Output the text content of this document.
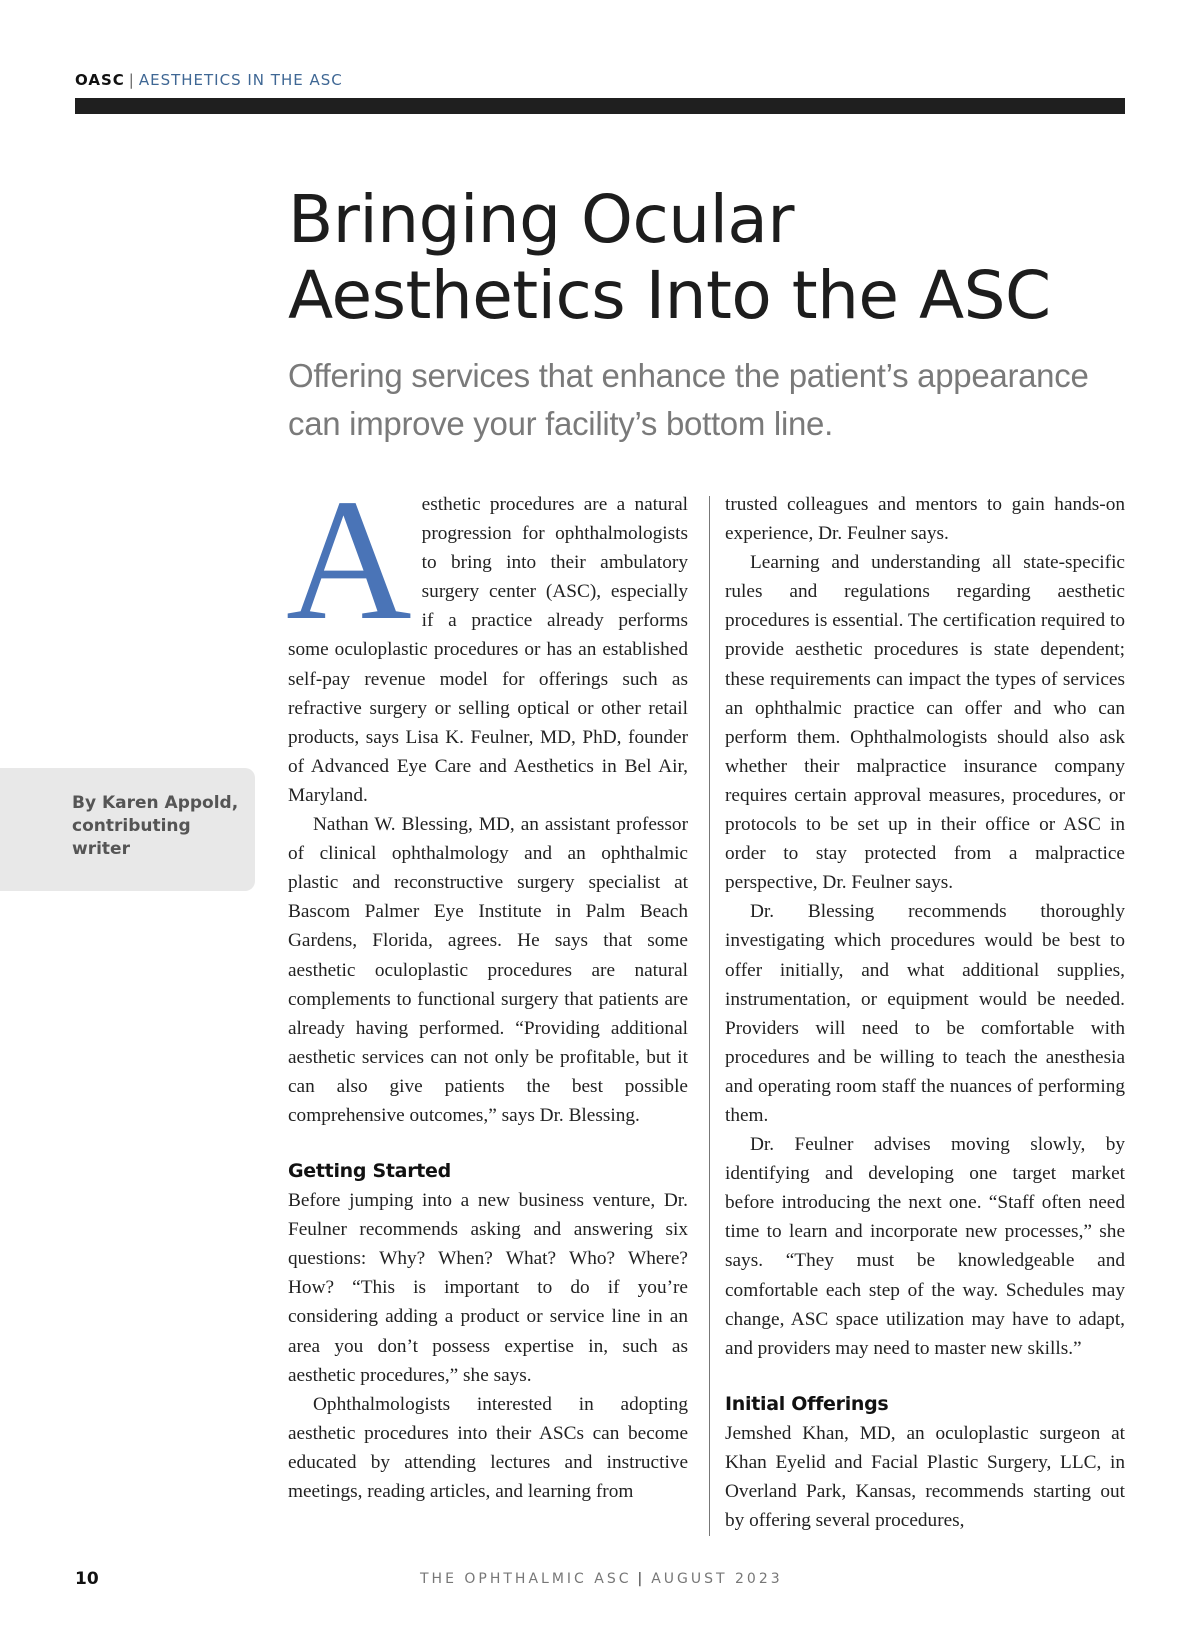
OASC | AESTHETICS IN THE ASC
Bringing Ocular
Aesthetics Into the ASC
Offering services that enhance the patient’s appearance
can improve your facility’s bottom line.
By Karen Appold, contributing writer

Aesthetic procedures are a natural progression for ophthalmologists to bring into their ambulatory surgery center (ASC), especially if a practice already performs some oculoplastic procedures or has an established self-pay revenue model for offerings such as refractive surgery or selling optical or other retail products, says Lisa K. Feulner, MD, PhD, founder of Advanced Eye Care and Aesthetics in Bel Air, Maryland.

Nathan W. Blessing, MD, an assistant professor of clinical ophthalmology and an ophthalmic plastic and reconstructive surgery specialist at Bascom Palmer Eye Institute in Palm Beach Gardens, Florida, agrees. He says that some aesthetic oculoplastic procedures are natural complements to functional surgery that patients are already having performed. “Providing additional aesthetic services can not only be profitable, but it can also give patients the best possible comprehensive outcomes,” says Dr. Blessing.

Getting Started

Before jumping into a new business venture, Dr. Feulner recommends asking and answering six questions: Why? When? What? Who? Where? How? “This is important to do if you’re considering adding a product or service line in an area you don’t possess expertise in, such as aesthetic procedures,” she says.

Ophthalmologists interested in adopting aesthetic procedures into their ASCs can become educated by attending lectures and instructive meetings, reading articles, and learning from

trusted colleagues and mentors to gain hands-on experience, Dr. Feulner says.

Learning and understanding all state-specific rules and regulations regarding aesthetic procedures is essential. The certification required to provide aesthetic procedures is state dependent; these requirements can impact the types of services an ophthalmic practice can offer and who can perform them. Ophthalmologists should also ask whether their malpractice insurance company requires certain approval measures, procedures, or protocols to be set up in their office or ASC in order to stay protected from a malpractice perspective, Dr. Feulner says.

Dr. Blessing recommends thoroughly investigating which procedures would be best to offer initially, and what additional supplies, instrumentation, or equipment would be needed. Providers will need to be comfortable with procedures and be willing to teach the anesthesia and operating room staff the nuances of performing them.

Dr. Feulner advises moving slowly, by identifying and developing one target market before introducing the next one. “Staff often need time to learn and incorporate new processes,” she says. “They must be knowledgeable and comfortable each step of the way. Schedules may change, ASC space utilization may have to adapt, and providers may need to master new skills.”

Initial Offerings

Jemshed Khan, MD, an oculoplastic surgeon at Khan Eyelid and Facial Plastic Surgery, LLC, in Overland Park, Kansas, recommends starting out by offering several procedures,

10	THE OPHTHALMIC ASC | AUGUST 2023
